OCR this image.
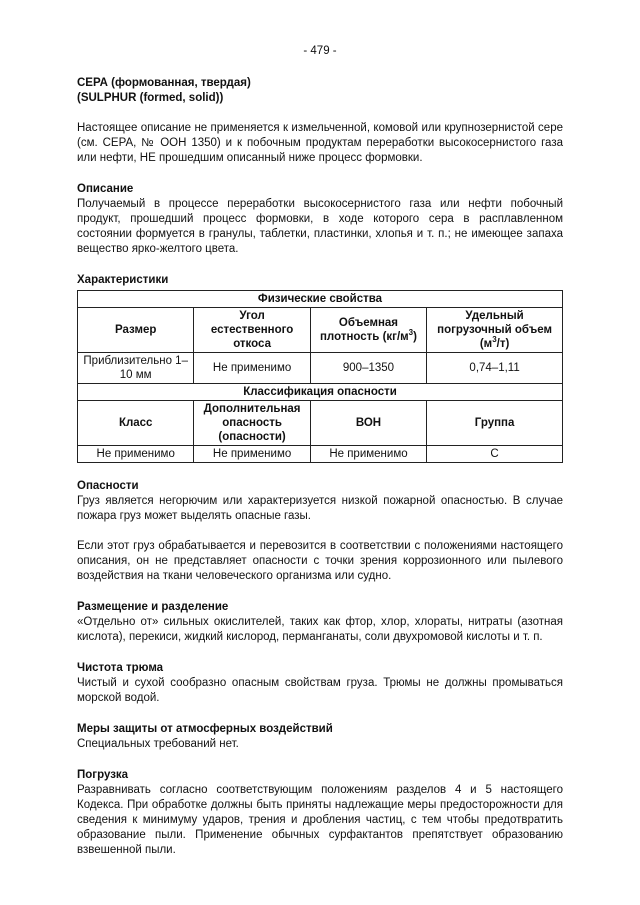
- 479 -
СЕРА (формованная, твердая)
(SULPHUR (formed, solid))

Настоящее описание не применяется к измельченной, комовой или крупнозернистой сере (см. СЕРА, № ООН 1350) и к побочным продуктам переработки высокосернистого газа или нефти, НЕ прошедшим описанный ниже процесс формовки.

Описание

Получаемый в процессе переработки высокосернистого газа или нефти побочный продукт, прошедший процесс формовки, в ходе которого сера в расплавленном состоянии формуется в гранулы, таблетки, пластинки, хлопья и т. п.; не имеющее запаха вещество ярко-желтого цвета.

Характеристики
Физические свойства			
Размер	Угол естественного откоса	Объемная плотность $(кг/м^3)$	Удельный погрузочный объем $(м^3/т)$
Приблизительно 1–10 мм	Не применимо	900–1350	0,74–1,11
Классификация опасности			
Класс	Дополнительная опасность (опасности)	ВОН	Группа
Не применимо	Не применимо	Не применимо	C
Опасности

Груз является негорючим или характеризуется низкой пожарной опасностью. В случае пожара груз может выделять опасные газы.

Если этот груз обрабатывается и перевозится в соответствии с положениями настоящего описания, он не представляет опасности с точки зрения коррозионного или пылевого воздействия на ткани человеческого организма или судно.

Размещение и разделение

«Отдельно от» сильных окислителей, таких как фтор, хлор, хлораты, нитраты (азотная кислота), перекиси, жидкий кислород, перманганаты, соли двухромовой кислоты и т. п.

Чистота трюма

Чистый и сухой сообразно опасным свойствам груза. Трюмы не должны промываться морской водой.

Меры защиты от атмосферных воздействий

Специальных требований нет.

Погрузка

Разравнивать согласно соответствующим положениям разделов 4 и 5 настоящего Кодекса. При обработке должны быть приняты надлежащие меры предосторожности для сведения к минимуму ударов, трения и дробления частиц, с тем чтобы предотвратить образование пыли. Применение обычных сурфактантов препятствует образованию взвешенной пыли.
